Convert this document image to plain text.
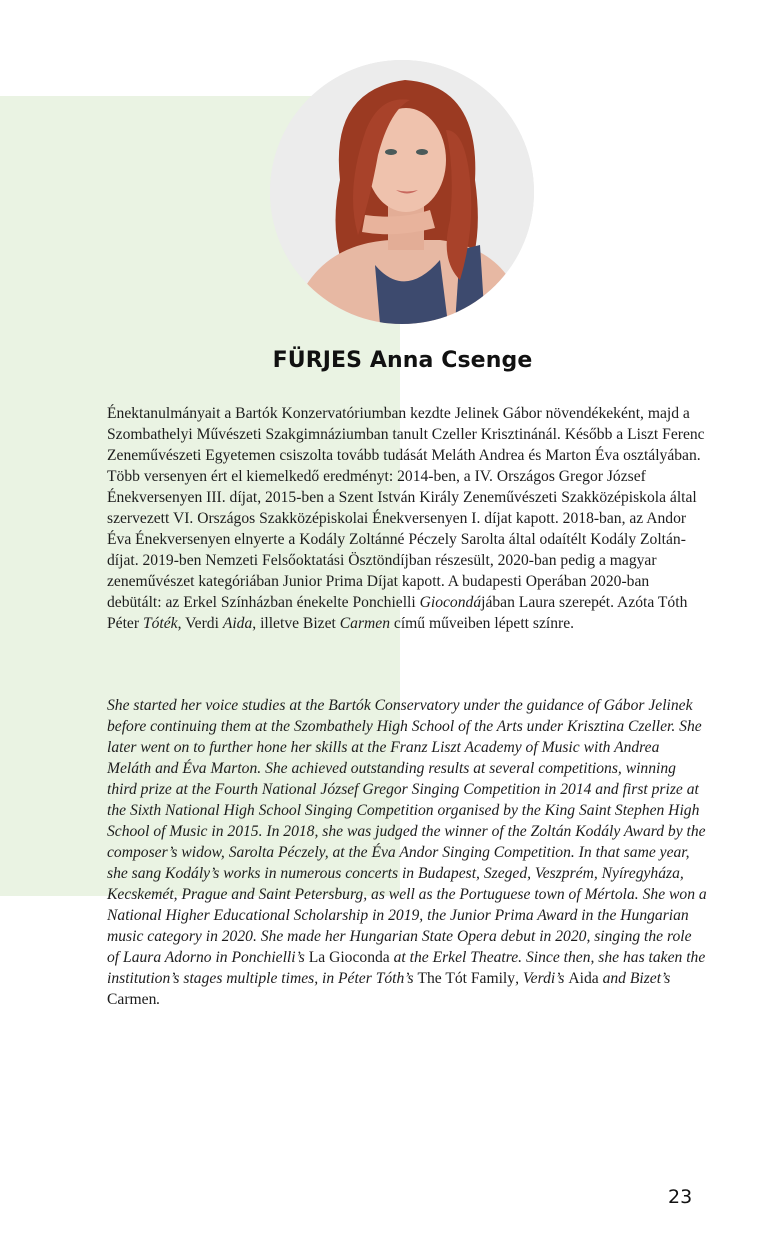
FÜRJES Anna Csenge

Énektanulmányait a Bartók Konzervatóriumban kezdte Jelinek Gábor növendékeként, majd a Szombathelyi Művészeti Szakgimnáziumban tanult Czeller Krisztinánál. Később a Liszt Ferenc Zeneművészeti Egyetemen csiszolta tovább tudását Meláth Andrea és Marton Éva osztályában. Több versenyen ért el kiemelkedő eredményt: 2014-ben, a IV. Országos Gregor József Énekversenyen III. díjat, 2015-ben a Szent István Király Zeneművészeti Szakközépiskola által szervezett VI. Országos Szakközépiskolai Énekversenyen I. díjat kapott. 2018-ban, az Andor Éva Énekversenyen elnyerte a Kodály Zoltánné Péczely Sarolta által odaítélt Kodály Zoltán-díjat. 2019-ben Nemzeti Felsőoktatási Ösztöndíjban részesült, 2020-ban pedig a magyar zeneművészet kategóriában Junior Prima Díjat kapott. A budapesti Operában 2020-ban debütált: az Erkel Színházban énekelte Ponchielli Giocondájában Laura szerepét. Azóta Tóth Péter Tóték, Verdi Aida, illetve Bizet Carmen című műveiben lépett színre.

She started her voice studies at the Bartók Conservatory under the guidance of Gábor Jelinek before continuing them at the Szombathely High School of the Arts under Krisztina Czeller. She later went on to further hone her skills at the Franz Liszt Academy of Music with Andrea Meláth and Éva Marton. She achieved outstanding results at several competitions, winning third prize at the Fourth National József Gregor Singing Competition in 2014 and first prize at the Sixth National High School Singing Competition organised by the King Saint Stephen High School of Music in 2015. In 2018, she was judged the winner of the Zoltán Kodály Award by the composer’s widow, Sarolta Péczely, at the Éva Andor Singing Competition. In that same year, she sang Kodály’s works in numerous concerts in Budapest, Szeged, Veszprém, Nyíregyháza, Kecskemét, Prague and Saint Petersburg, as well as the Portuguese town of Mértola. She won a National Higher Educational Scholarship in 2019, the Junior Prima Award in the Hungarian music category in 2020. She made her Hungarian State Opera debut in 2020, singing the role of Laura Adorno in Ponchielli’s La Gioconda at the Erkel Theatre. Since then, she has taken the institution’s stages multiple times, in Péter Tóth’s The Tót Family, Verdi’s Aida and Bizet’s Carmen.

23
